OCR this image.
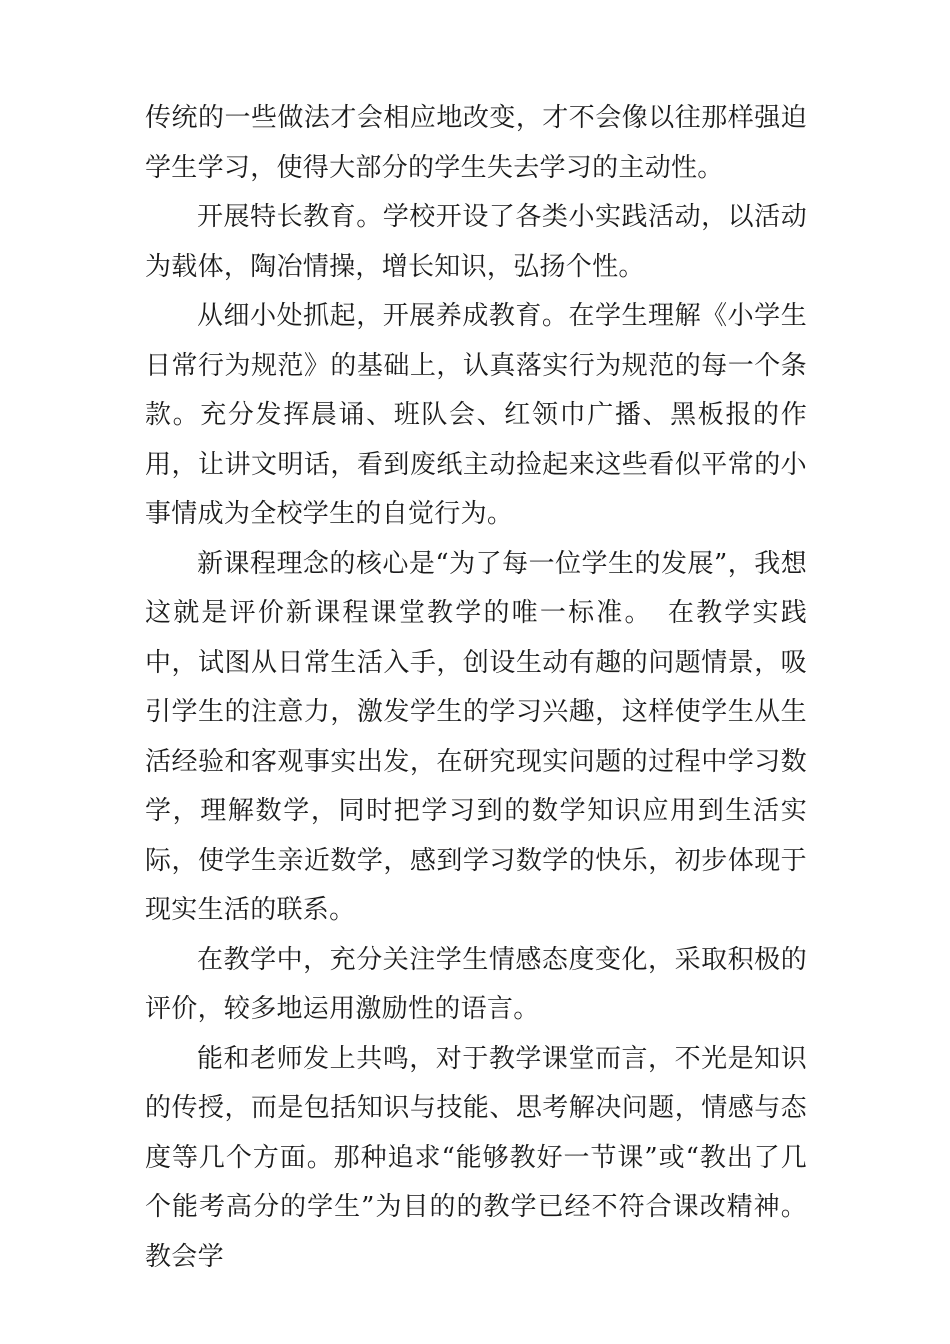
传统的一些做法才会相应地改变，才不会像以往那样强迫学生学习，使得大部分的学生失去学习的主动性。

开展特长教育。学校开设了各类小实践活动，以活动为载体，陶冶情操，增长知识，弘扬个性。

从细小处抓起，开展养成教育。在学生理解《小学生日常行为规范》的基础上，认真落实行为规范的每一个条款。充分发挥晨诵、班队会、红领巾广播、黑板报的作用，让讲文明话，看到废纸主动捡起来这些看似平常的小事情成为全校学生的自觉行为。

新课程理念的核心是“为了每一位学生的发展”，我想这就是评价新课程课堂教学的唯一标准。　在教学实践中，试图从日常生活入手，创设生动有趣的问题情景，吸引学生的注意力，激发学生的学习兴趣，这样使学生从生活经验和客观事实出发，在研究现实问题的过程中学习数学，理解数学，同时把学习到的数学知识应用到生活实际，使学生亲近数学，感到学习数学的快乐，初步体现于现实生活的联系。

在教学中，充分关注学生情感态度变化，采取积极的评价，较多地运用激励性的语言。

能和老师发上共鸣，对于教学课堂而言，不光是知识的传授，而是包括知识与技能、思考解决问题，情感与态度等几个方面。那种追求“能够教好一节课”或“教出了几个能考高分的学生”为目的的教学已经不符合课改精神。教会学
